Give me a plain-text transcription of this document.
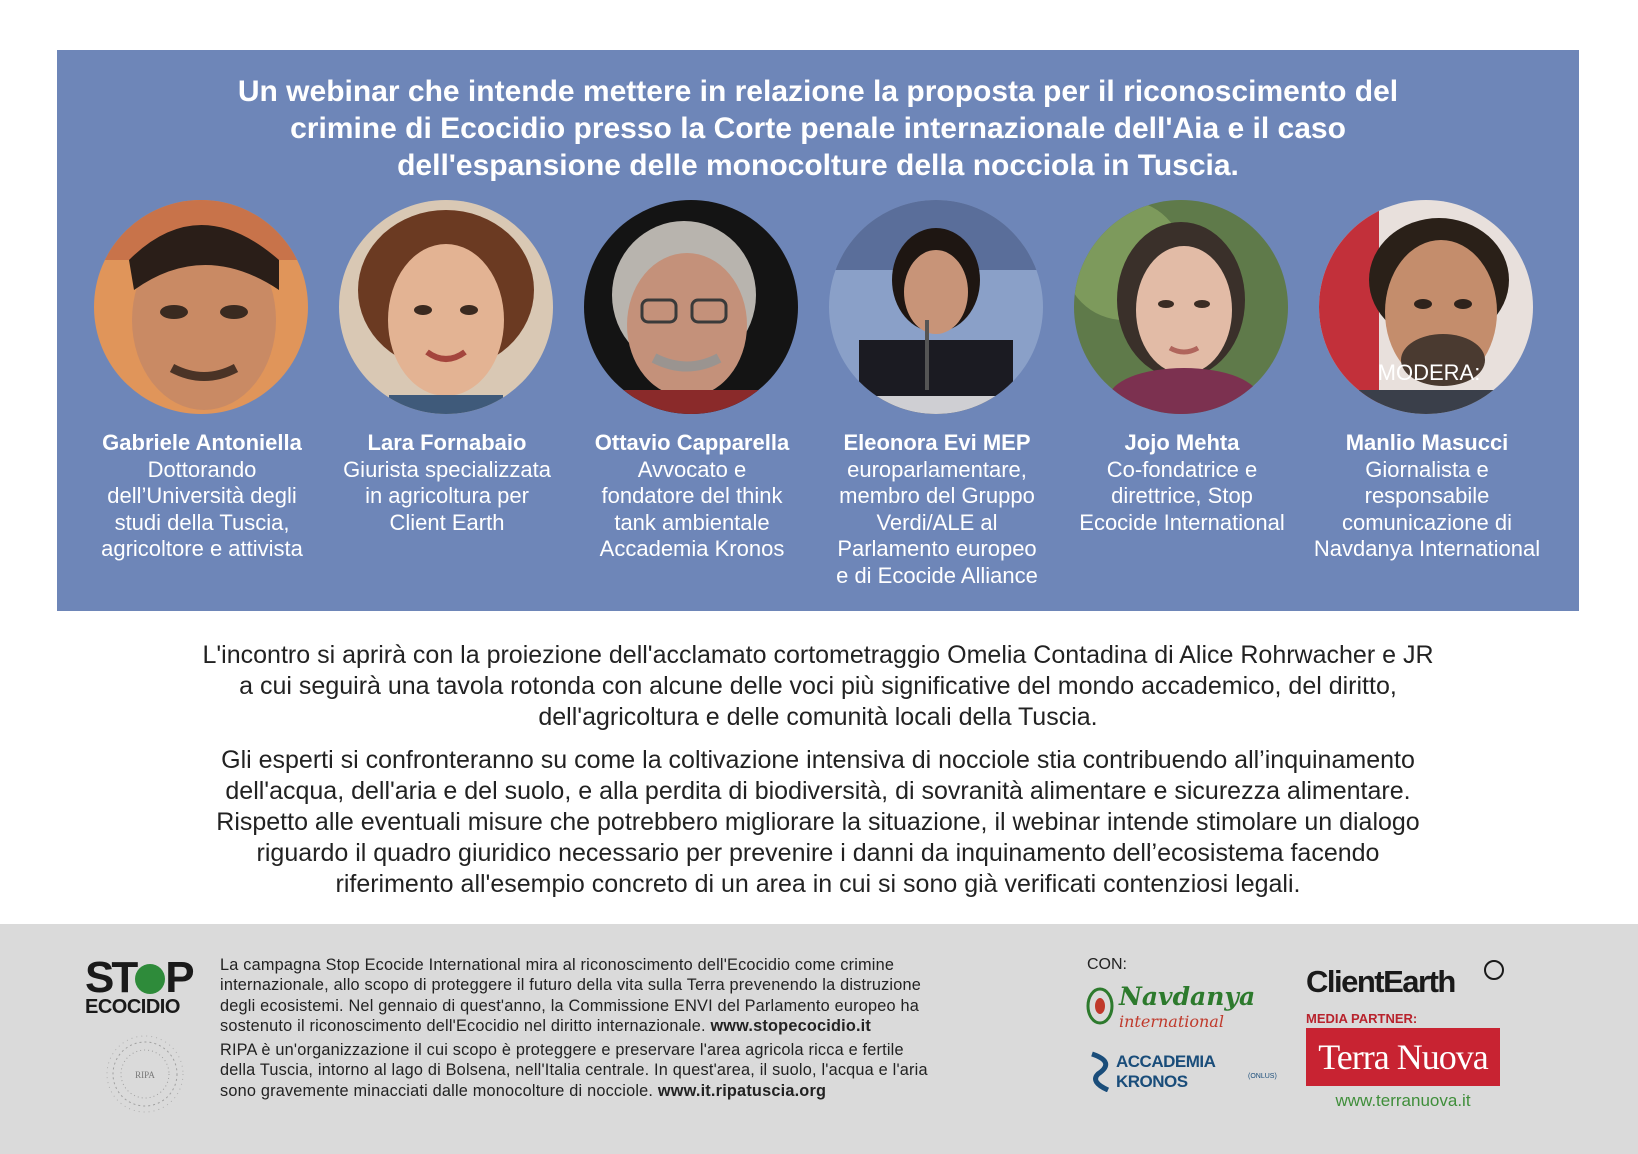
Un webinar che intende mettere in relazione la proposta per il riconoscimento del
crimine di Ecocidio presso la Corte penale internazionale dell'Aia e il caso
dell'espansione delle monocolture della nocciola in Tuscia.
Gabriele Antoniella
Dottorando
dell’Università degli
studi della Tuscia,
agricoltore e attivista
Lara Fornabaio
Giurista specializzata
in agricoltura per
Client Earth
Ottavio Capparella
Avvocato e
fondatore del think
tank ambientale
Accademia Kronos
Eleonora Evi MEP
europarlamentare,
membro del Gruppo
Verdi/ALE al
Parlamento europeo
e di Ecocide Alliance
Jojo Mehta
Co-fondatrice e
direttrice, Stop
Ecocide International
MODERA:
Manlio Masucci
Giornalista e
responsabile
comunicazione di
Navdanya International
L'incontro si aprirà con la proiezione dell'acclamato cortometraggio Omelia Contadina di Alice Rohrwacher e JR
a cui seguirà una tavola rotonda con alcune delle voci più significative del mondo accademico, del diritto,
dell'agricoltura e delle comunità locali della Tuscia.
Gli esperti si confronteranno su come la coltivazione intensiva di nocciole stia contribuendo all’inquinamento
dell'acqua, dell'aria e del suolo, e alla perdita di biodiversità, di sovranità alimentare e sicurezza alimentare.
Rispetto alle eventuali misure che potrebbero migliorare la situazione, il webinar intende stimolare un dialogo
riguardo il quadro giuridico necessario per prevenire i danni da inquinamento dell’ecosistema facendo
riferimento all'esempio concreto di un area in cui si sono già verificati contenziosi legali.
ST P
ECOCIDIO
RIPA
La campagna Stop Ecocide International mira al riconoscimento dell'Ecocidio come crimine
internazionale, allo scopo di proteggere il futuro della vita sulla Terra prevenendo la distruzione
degli ecosistemi. Nel gennaio di quest'anno, la Commissione ENVI del Parlamento europeo ha
sostenuto il riconoscimento dell'Ecocidio nel diritto internazionale. www.stopecocidio.it
RIPA è un'organizzazione il cui scopo è proteggere e preservare l'area agricola ricca e fertile
della Tuscia, intorno al lago di Bolsena, nell'Italia centrale. In quest'area, il suolo, l'acqua e l'aria
sono gravemente minacciati dalle monocolture di nocciole. www.it.ripatuscia.org
CON:
Navdanya
international
ACCADEMIA KRONOS	(ONLUS)
ClientEarth
MEDIA PARTNER:
Terra Nuova
www.terranuova.it
